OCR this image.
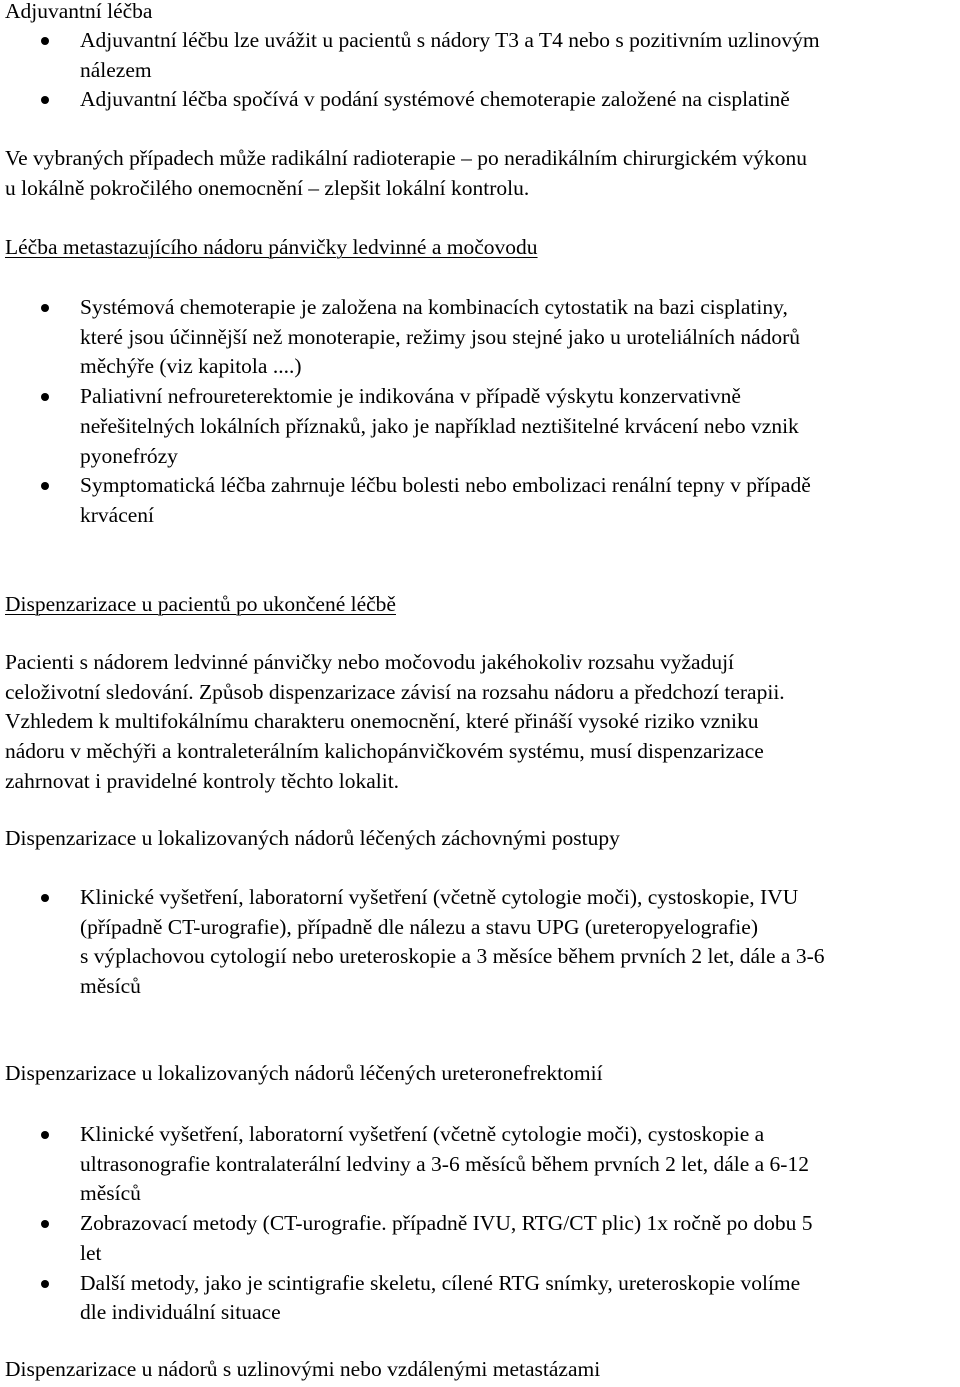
Adjuvantní léčba

Adjuvantní léčbu lze uvážit u pacientů s nádory T3 a T4 nebo s pozitivním uzlinovým
nálezem
Adjuvantní léčba spočívá v podání systémové chemoterapie založené na cisplatině
Ve vybraných případech může radikální radioterapie – po neradikálním chirurgickém výkonu
u lokálně pokročilého onemocnění – zlepšit lokální kontrolu.

Léčba metastazujícího nádoru pánvičky ledvinné a močovodu

Systémová chemoterapie je založena na kombinacích cytostatik na bazi cisplatiny,
které jsou účinnější než monoterapie, režimy jsou stejné jako u uroteliálních nádorů
měchýře (viz kapitola ....)
Paliativní nefroureterektomie je indikována v případě výskytu konzervativně
neřešitelných lokálních příznaků, jako je například neztišitelné krvácení nebo vznik
pyonefrózy
Symptomatická léčba zahrnuje léčbu bolesti nebo embolizaci renální tepny v případě
krvácení

Dispenzarizace u pacientů po ukončené léčbě

Pacienti s nádorem ledvinné pánvičky nebo močovodu jakéhokoliv rozsahu vyžadují
celoživotní sledování. Způsob dispenzarizace závisí na rozsahu nádoru a předchozí terapii.
Vzhledem k multifokálnímu charakteru onemocnění, které přináší vysoké riziko vzniku
nádoru v měchýři a kontraleterálním kalichopánvičkovém systému, musí dispenzarizace
zahrnovat i pravidelné kontroly těchto lokalit.

Dispenzarizace u lokalizovaných nádorů léčených záchovnými postupy

Klinické vyšetření, laboratorní vyšetření (včetně cytologie moči), cystoskopie, IVU
(případně CT-urografie), případně dle nálezu a stavu UPG (ureteropyelografie)
s výplachovou cytologií nebo ureteroskopie a 3 měsíce během prvních 2 let, dále a 3-6
měsíců

Dispenzarizace u lokalizovaných nádorů léčených ureteronefrektomií

Klinické vyšetření, laboratorní vyšetření (včetně cytologie moči), cystoskopie a
ultrasonografie kontralaterální ledviny a 3-6 měsíců během prvních 2 let, dále a 6-12
měsíců
Zobrazovací metody (CT-urografie. případně IVU, RTG/CT plic) 1x ročně po dobu 5
let
Další metody, jako je scintigrafie skeletu, cílené RTG snímky, ureteroskopie volíme
dle individuální situace

Dispenzarizace u nádorů s uzlinovými nebo vzdálenými metastázami
